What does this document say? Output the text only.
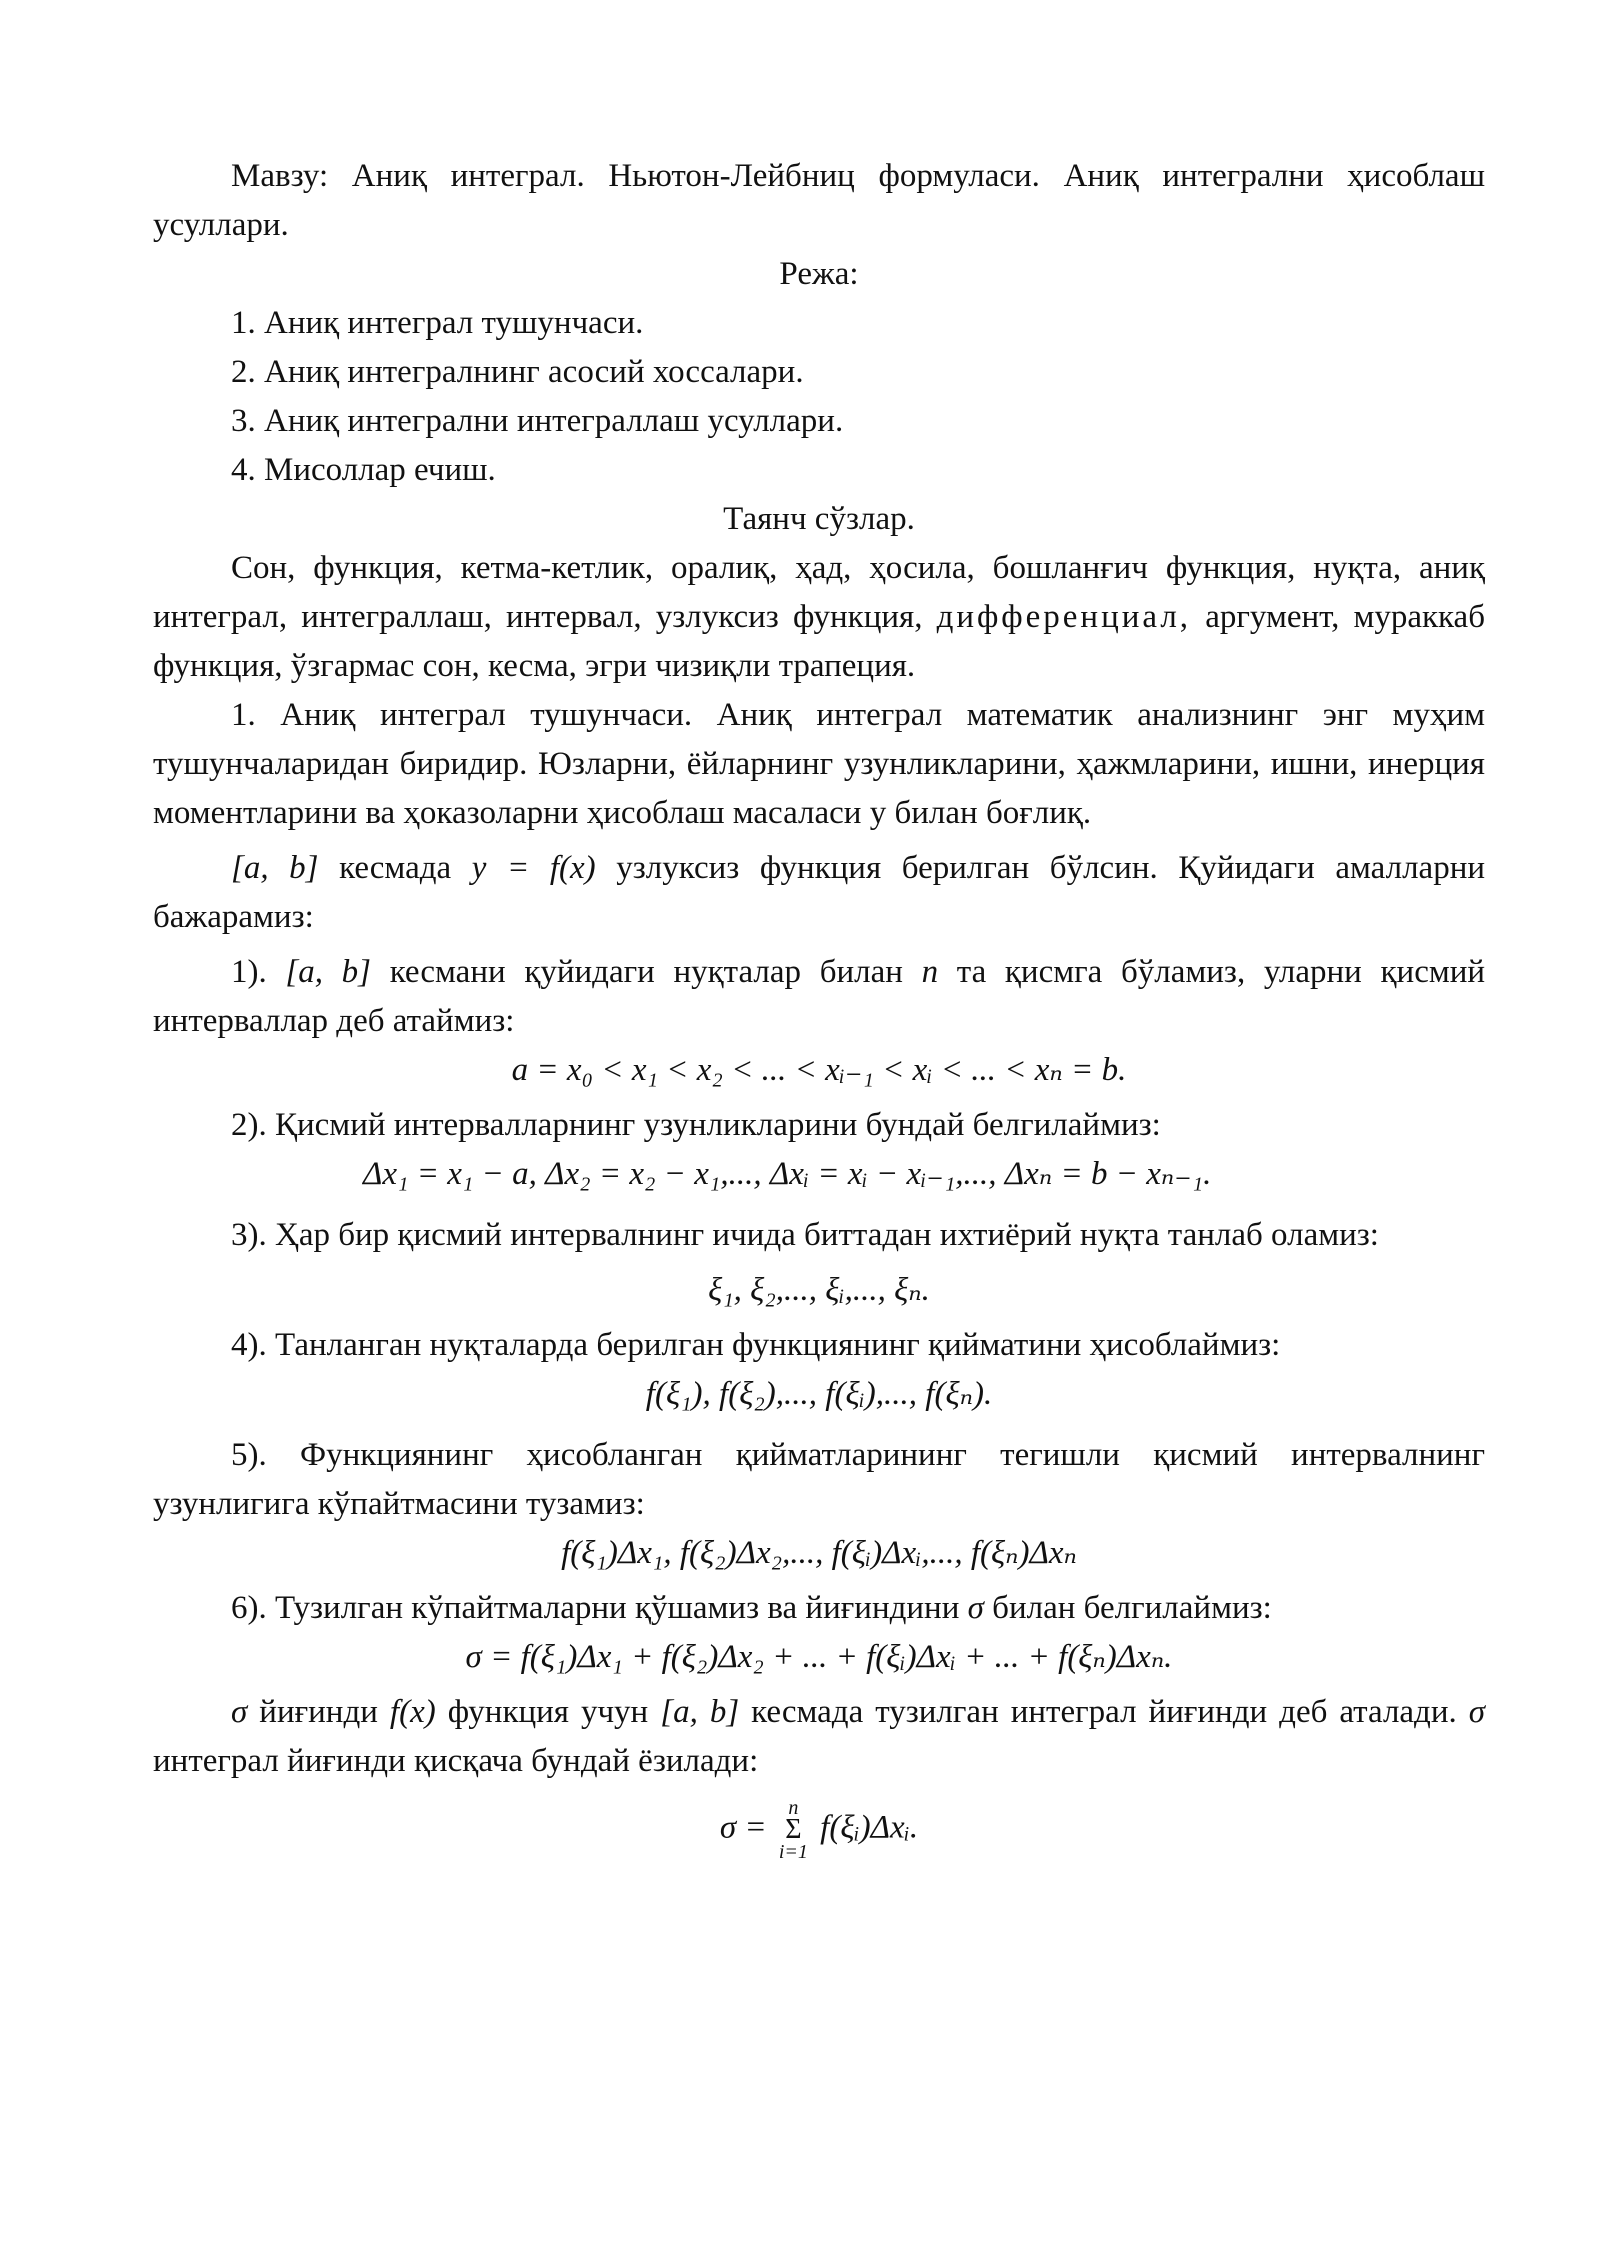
Мавзу: Аниқ интеграл. Ньютон-Лейбниц формуласи. Аниқ интегрални ҳисоблаш усуллари.

Режа:

1. Аниқ интеграл тушунчаси.

2. Аниқ интегралнинг асосий хоссалари.

3. Аниқ интегрални интеграллаш усуллари.

4. Мисоллар ечиш.

Таянч сўзлар.

Сон, функция, кетма-кетлик, оралиқ, ҳад, ҳосила, бошланғич функция, нуқта, аниқ интеграл, интеграллаш, интервал, узлуксиз функция, дифференциал, аргумент, мураккаб функция, ўзгармас сон, кесма, эгри чизиқли трапеция.

1. Аниқ интеграл тушунчаси. Аниқ интеграл математик анализнинг энг муҳим тушунчаларидан биридир. Юзларни, ёйларнинг узунликларини, ҳажмларини, ишни, инерция моментларини ва ҳоказоларни ҳисоблаш масаласи у билан боғлиқ.

[a, b] кесмада y = f(x) узлуксиз функция берилган бўлсин. Қуйидаги амалларни бажарамиз:

1). [a, b] кесмани қуйидаги нуқталар билан n та қисмга бўламиз, уларни қисмий интерваллар деб атаймиз:

a = x₀ < x₁ < x₂ < ... < xᵢ₋₁ < xᵢ < ... < xₙ = b.

2). Қисмий интервалларнинг узунликларини бундай белгилаймиз:

Δx₁ = x₁ − a, Δx₂ = x₂ − x₁,..., Δxᵢ = xᵢ − xᵢ₋₁,..., Δxₙ = b − xₙ₋₁.

3). Ҳар бир қисмий интервалнинг ичида биттадан ихтиёрий нуқта танлаб оламиз:

ξ₁, ξ₂,..., ξᵢ,..., ξₙ.

4). Танланган нуқталарда берилган функциянинг қийматини ҳисоблаймиз:

f(ξ₁), f(ξ₂),..., f(ξᵢ),..., f(ξₙ).

5). Функциянинг ҳисобланган қийматларининг тегишли қисмий интервалнинг узунлигига кўпайтмасини тузамиз:

f(ξ₁)Δx₁, f(ξ₂)Δx₂,..., f(ξᵢ)Δxᵢ,..., f(ξₙ)Δxₙ

6). Тузилган кўпайтмаларни қўшамиз ва йиғиндини σ билан белгилаймиз:

σ = f(ξ₁)Δx₁ + f(ξ₂)Δx₂ + ... + f(ξᵢ)Δxᵢ + ... + f(ξₙ)Δxₙ.

σ йиғинди f(x) функция учун [a, b] кесмада тузилган интеграл йиғинди деб аталади. σ интеграл йиғинди қисқача бундай ёзилади:

σ =
n
Σ
i=1
f(ξᵢ)Δxᵢ.
